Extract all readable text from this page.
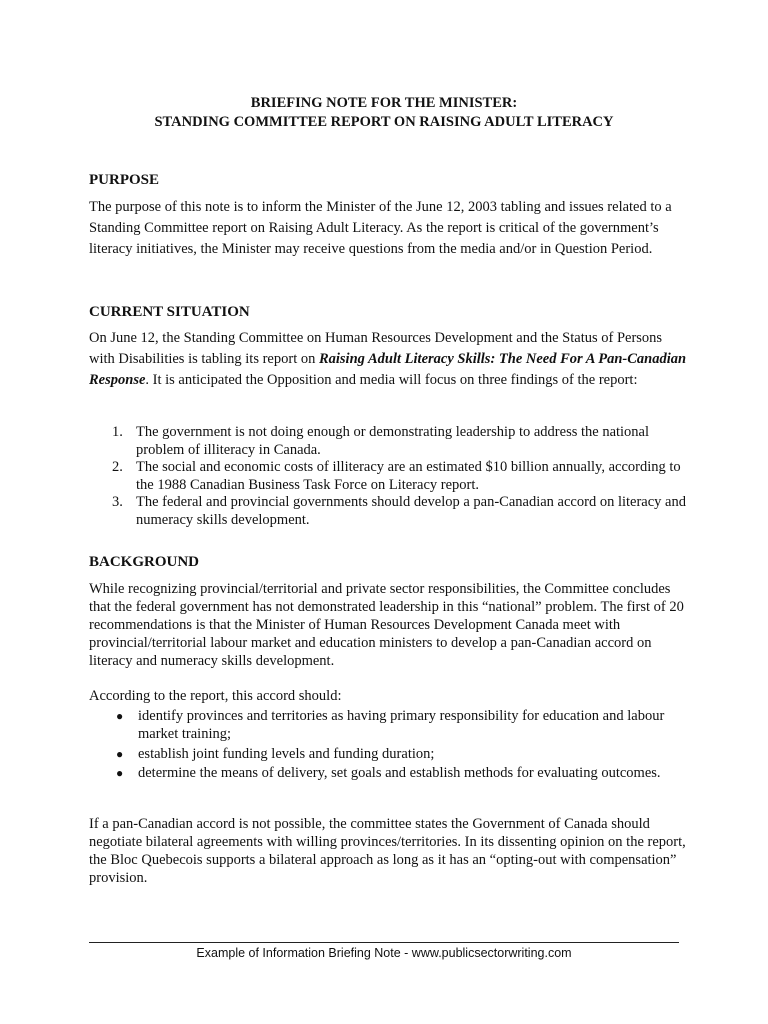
BRIEFING NOTE FOR THE MINISTER:
STANDING COMMITTEE REPORT ON RAISING ADULT LITERACY
PURPOSE

The purpose of this note is to inform the Minister of the June 12, 2003 tabling and issues related to a Standing Committee report on Raising Adult Literacy. As the report is critical of the government’s literacy initiatives, the Minister may receive questions from the media and/or in Question Period.

CURRENT SITUATION

On June 12, the Standing Committee on Human Resources Development and the Status of Persons with Disabilities is tabling its report on Raising Adult Literacy Skills: The Need For A Pan-Canadian Response. It is anticipated the Opposition and media will focus on three findings of the report:

1. The government is not doing enough or demonstrating leadership to address the national problem of illiteracy in Canada.
2. The social and economic costs of illiteracy are an estimated $10 billion annually, according to the 1988 Canadian Business Task Force on Literacy report.
3. The federal and provincial governments should develop a pan-Canadian accord on literacy and numeracy skills development.
BACKGROUND

While recognizing provincial/territorial and private sector responsibilities, the Committee concludes that the federal government has not demonstrated leadership in this “national” problem. The first of 20 recommendations is that the Minister of Human Resources Development Canada meet with provincial/territorial labour market and education ministers to develop a pan-Canadian accord on literacy and numeracy skills development.

According to the report, this accord should:

● identify provinces and territories as having primary responsibility for education and labour market training;
● establish joint funding levels and funding duration;
● determine the means of delivery, set goals and establish methods for evaluating outcomes.

If a pan-Canadian accord is not possible, the committee states the Government of Canada should negotiate bilateral agreements with willing provinces/territories. In its dissenting opinion on the report, the Bloc Quebecois supports a bilateral approach as long as it has an “opting-out with compensation” provision.

Example of Information Briefing Note - www.publicsectorwriting.com
